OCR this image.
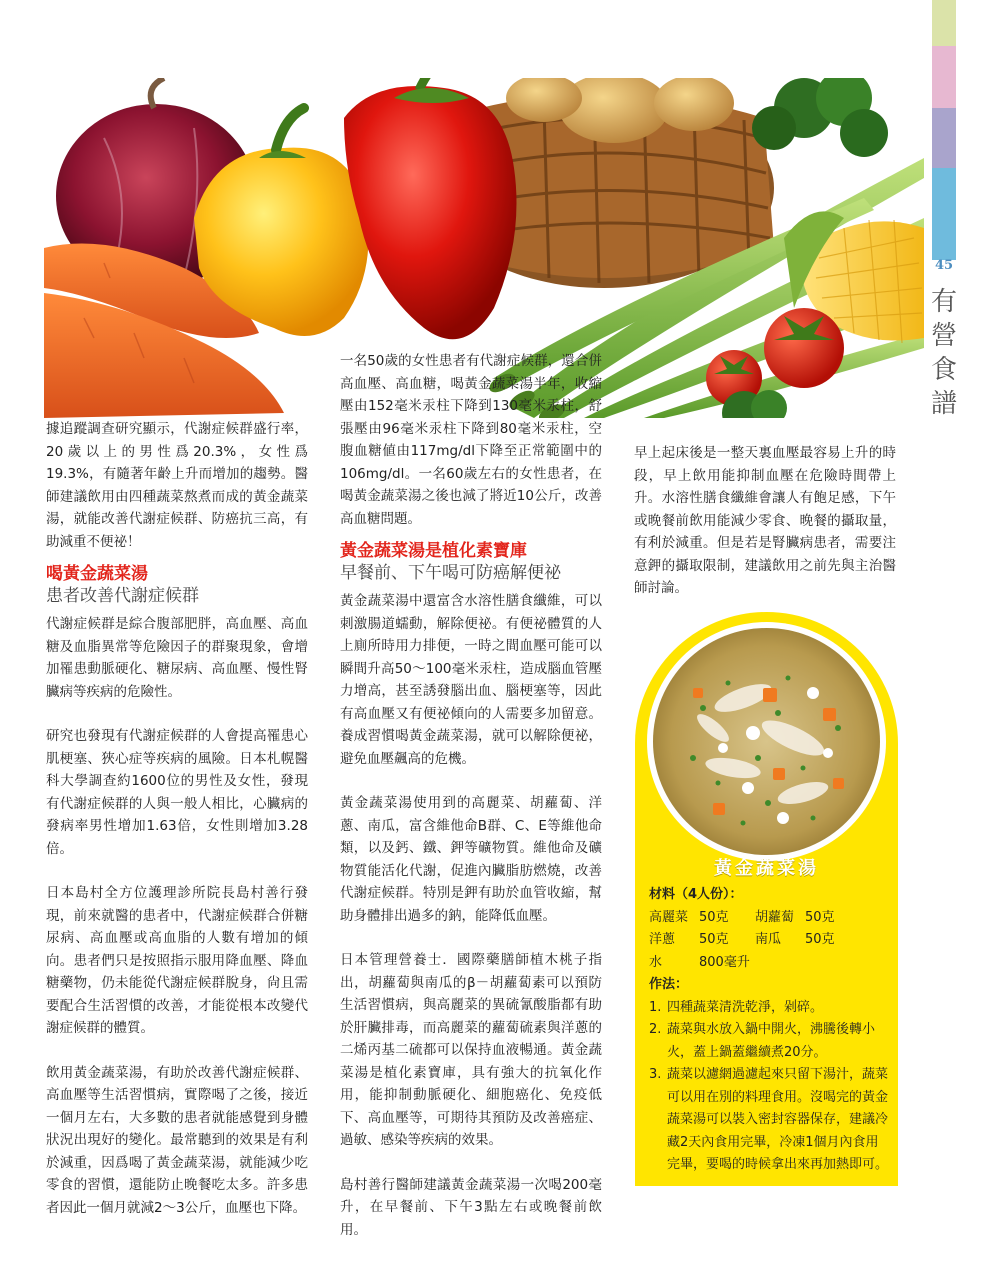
45
有
營
食
譜

據追蹤調查研究顯示，代謝症候群盛行率，20歲以上的男性爲20.3%，女性爲19.3%，有隨著年齡上升而增加的趨勢。醫師建議飲用由四種蔬菜熬煮而成的黃金蔬菜湯，就能改善代謝症候群、防癌抗三高，有助減重不便祕！

喝黃金蔬菜湯

患者改善代謝症候群

代謝症候群是綜合腹部肥胖，高血壓、高血糖及血脂異常等危險因子的群聚現象，會增加罹患動脈硬化、糖尿病、高血壓、慢性腎臟病等疾病的危險性。

研究也發現有代謝症候群的人會提高罹患心肌梗塞、狹心症等疾病的風險。日本札幌醫科大學調查約1600位的男性及女性，發現有代謝症候群的人與一般人相比，心臟病的發病率男性增加1.63倍，女性則增加3.28倍。

日本島村全方位護理診所院長島村善行發現，前來就醫的患者中，代謝症候群合併糖尿病、高血壓或高血脂的人數有增加的傾向。患者們只是按照指示服用降血壓、降血糖藥物，仍未能從代謝症候群脫身，尙且需要配合生活習慣的改善，才能從根本改變代謝症候群的體質。

飲用黃金蔬菜湯，有助於改善代謝症候群、高血壓等生活習慣病，實際喝了之後，接近一個月左右，大多數的患者就能感覺到身體狀況出現好的變化。最常聽到的效果是有利於減重，因爲喝了黃金蔬菜湯，就能減少吃零食的習慣，還能防止晚餐吃太多。許多患者因此一個月就減2～3公斤，血壓也下降。

一名50歲的女性患者有代謝症候群，還合併高血壓、高血糖，喝黃金蔬菜湯半年，收縮壓由152毫米汞柱下降到130毫米汞柱，舒張壓由96毫米汞柱下降到80毫米汞柱，空腹血糖値由117mg/dl下降至正常範圍中的106mg/dl。一名60歲左右的女性患者，在喝黃金蔬菜湯之後也減了將近10公斤，改善高血糖問題。

黃金蔬菜湯是植化素寶庫

早餐前、下午喝可防癌解便祕

黃金蔬菜湯中還富含水溶性膳食纖維，可以刺激腸道蠕動，解除便祕。有便祕體質的人上廁所時用力排便，一時之間血壓可能可以瞬間升高50～100毫米汞柱，造成腦血管壓力增高，甚至誘發腦出血、腦梗塞等，因此有高血壓又有便祕傾向的人需要多加留意。養成習慣喝黃金蔬菜湯，就可以解除便祕，避免血壓飆高的危機。

黃金蔬菜湯使用到的高麗菜、胡蘿蔔、洋蔥、南瓜，富含維他命B群、C、E等維他命類，以及鈣、鐵、鉀等礦物質。維他命及礦物質能活化代謝，促進內臟脂肪燃燒，改善代謝症候群。特別是鉀有助於血管收縮，幫助身體排出過多的鈉，能降低血壓。

日本管理營養士．國際藥膳師植木桃子指出，胡蘿蔔與南瓜的β－胡蘿蔔素可以預防生活習慣病，與高麗菜的異硫氰酸脂都有助於肝臟排毒，而高麗菜的蘿蔔硫素與洋蔥的二烯丙基二硫都可以保持血液暢通。黃金蔬菜湯是植化素寶庫，具有強大的抗氧化作用，能抑制動脈硬化、細胞癌化、免疫低下、高血壓等，可期待其預防及改善癌症、過敏、感染等疾病的效果。

島村善行醫師建議黃金蔬菜湯一次喝200毫升，在早餐前、下午3點左右或晚餐前飲用。

早上起床後是一整天裏血壓最容易上升的時段，早上飲用能抑制血壓在危險時間帶上升。水溶性膳食纖維會讓人有飽足感，下午或晚餐前飲用能減少零食、晚餐的攝取量，有利於減重。但是若是腎臟病患者，需要注意鉀的攝取限制，建議飲用之前先與主治醫師討論。

黃金蔬菜湯

材料（4人份）：

高麗菜 50克	胡蘿蔔 50克
洋蔥	50克	南瓜	50克
水	800毫升

作法：

1. 四種蔬菜清洗乾淨，剁碎。
2. 蔬菜與水放入鍋中開火，沸騰後轉小火，蓋上鍋蓋繼續煮20分。
3. 蔬菜以濾網過濾起來只留下湯汁，蔬菜可以用在別的料理食用。沒喝完的黃金蔬菜湯可以裝入密封容器保存，建議冷藏2天內食用完畢，冷凍1個月內食用完畢，要喝的時候拿出來再加熱即可。
